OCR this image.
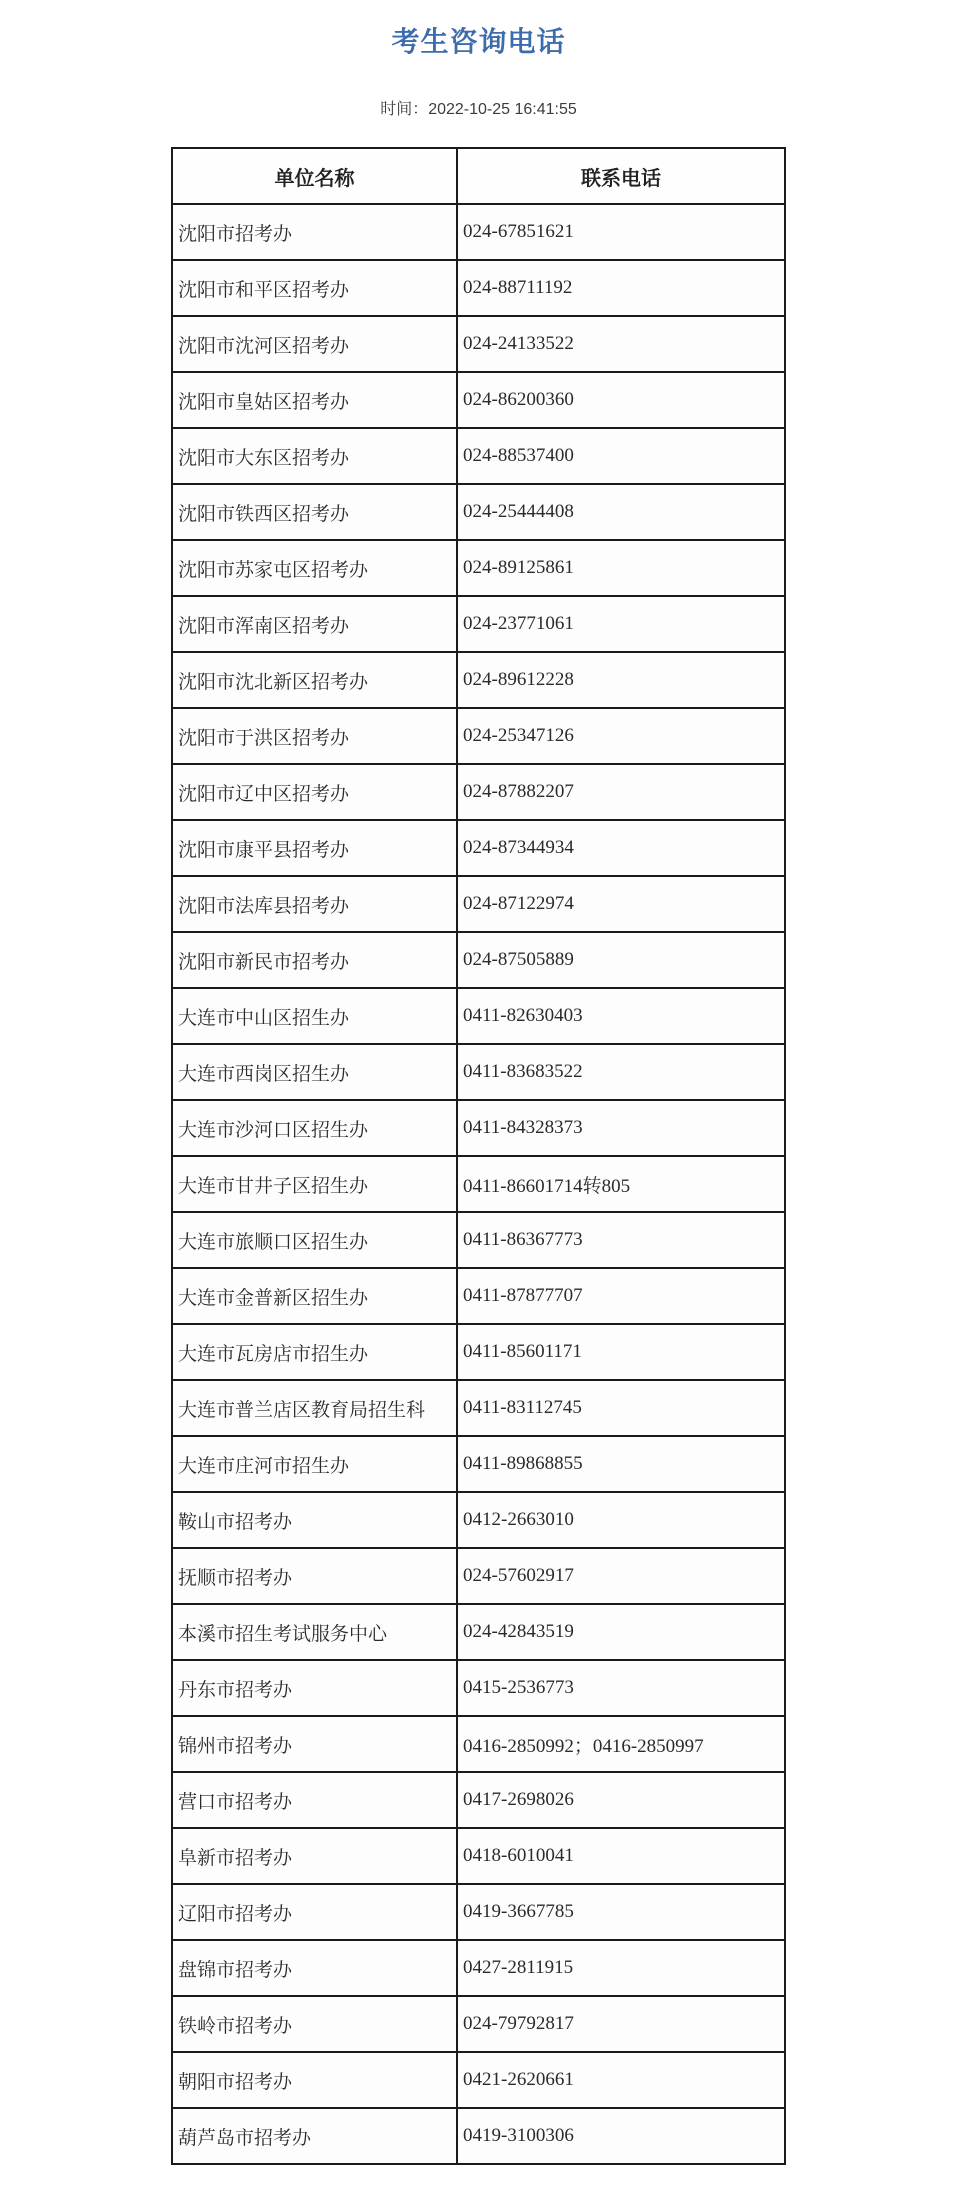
考生咨询电话
时间：2022-10-25 16:41:55
单位名称	联系电话
沈阳市招考办	024-67851621
沈阳市和平区招考办	024-88711192
沈阳市沈河区招考办	024-24133522
沈阳市皇姑区招考办	024-86200360
沈阳市大东区招考办	024-88537400
沈阳市铁西区招考办	024-25444408
沈阳市苏家屯区招考办	024-89125861
沈阳市浑南区招考办	024-23771061
沈阳市沈北新区招考办	024-89612228
沈阳市于洪区招考办	024-25347126
沈阳市辽中区招考办	024-87882207
沈阳市康平县招考办	024-87344934
沈阳市法库县招考办	024-87122974
沈阳市新民市招考办	024-87505889
大连市中山区招生办	0411-82630403
大连市西岗区招生办	0411-83683522
大连市沙河口区招生办	0411-84328373
大连市甘井子区招生办	0411-86601714转805
大连市旅顺口区招生办	0411-86367773
大连市金普新区招生办	0411-87877707
大连市瓦房店市招生办	0411-85601171
大连市普兰店区教育局招生科	0411-83112745
大连市庄河市招生办	0411-89868855
鞍山市招考办	0412-2663010
抚顺市招考办	024-57602917
本溪市招生考试服务中心	024-42843519
丹东市招考办	0415-2536773
锦州市招考办	0416-2850992；0416-2850997
营口市招考办	0417-2698026
阜新市招考办	0418-6010041
辽阳市招考办	0419-3667785
盘锦市招考办	0427-2811915
铁岭市招考办	024-79792817
朝阳市招考办	0421-2620661
葫芦岛市招考办	0419-3100306
